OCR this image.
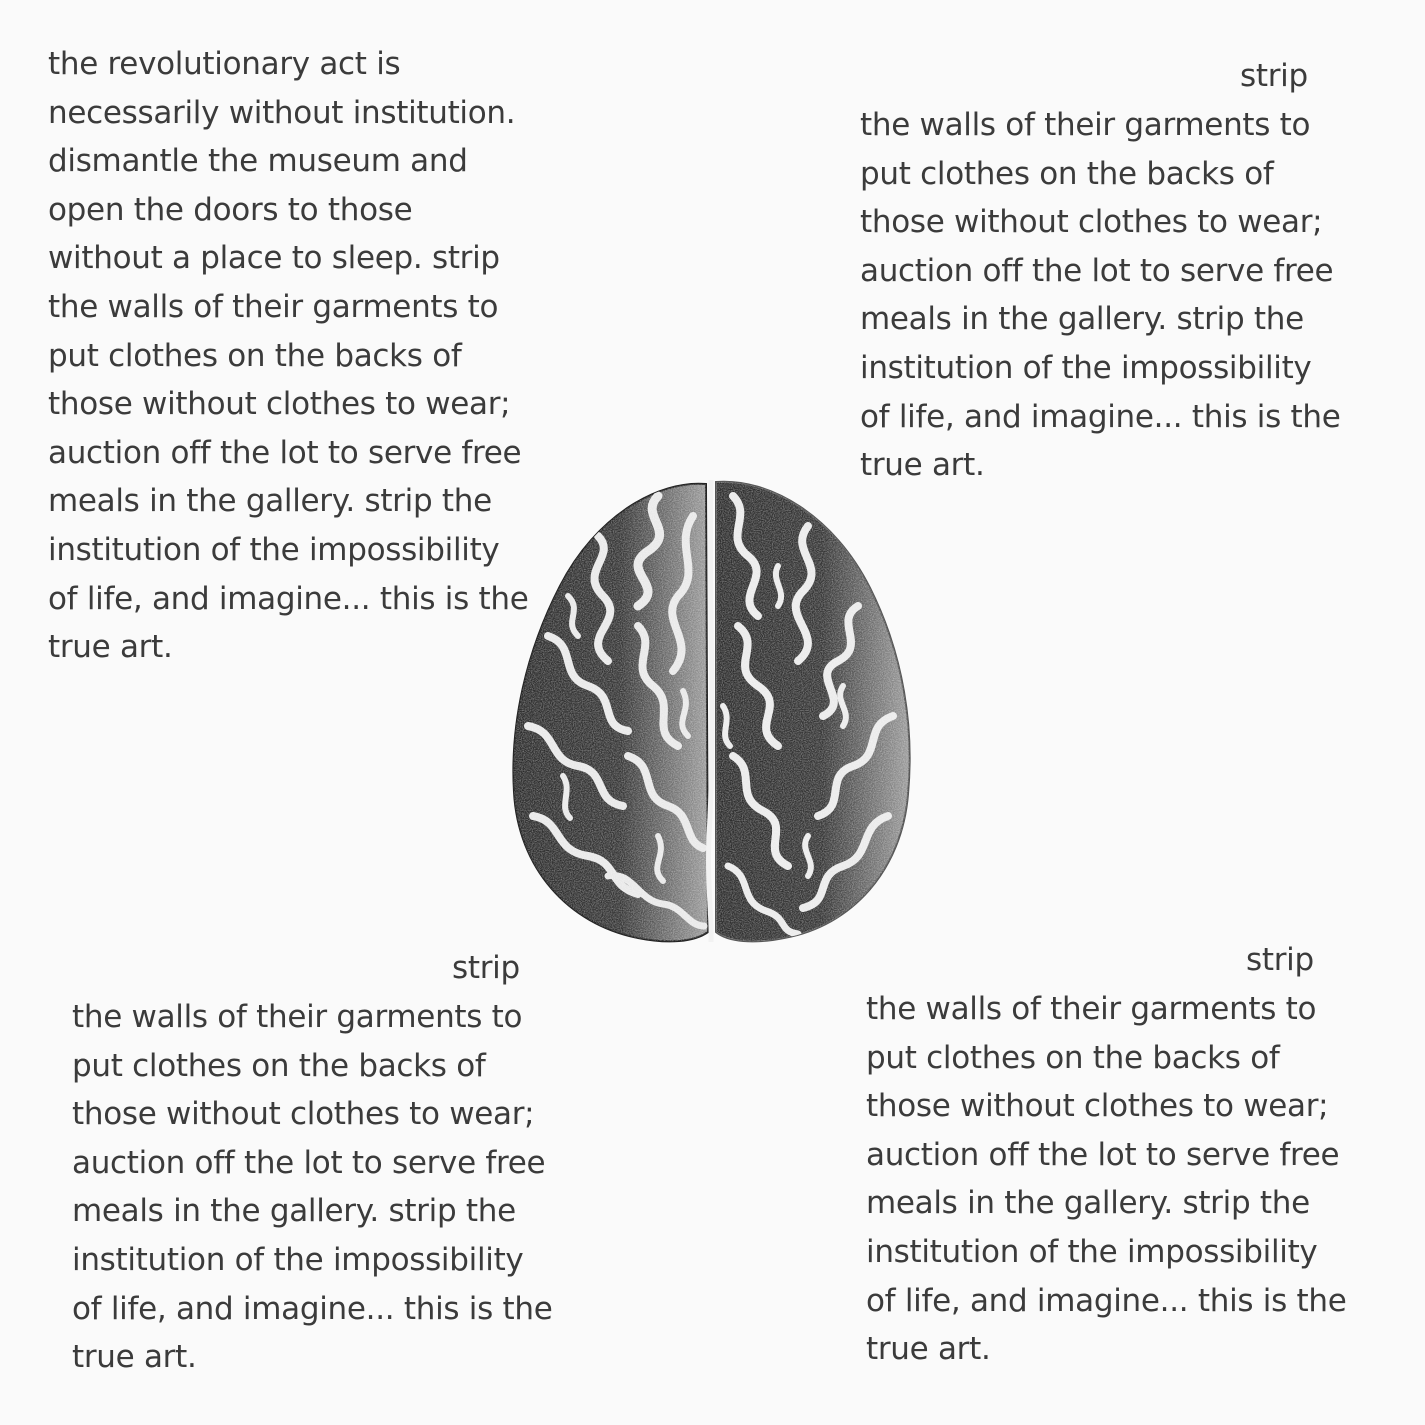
the revolutionary act is
necessarily without institution.
dismantle the museum and
open the doors to those
without a place to sleep. strip
the walls of their garments to
put clothes on the backs of
those without clothes to wear;
auction off the lot to serve free
meals in the gallery. strip the
institution of the impossibility
of life, and imagine... this is the
true art.

strip

the walls of their garments to
put clothes on the backs of
those without clothes to wear;
auction off the lot to serve free
meals in the gallery. strip the
institution of the impossibility
of life, and imagine... this is the
true art.

strip

the walls of their garments to
put clothes on the backs of
those without clothes to wear;
auction off the lot to serve free
meals in the gallery. strip the
institution of the impossibility
of life, and imagine... this is the
true art.

strip

the walls of their garments to
put clothes on the backs of
those without clothes to wear;
auction off the lot to serve free
meals in the gallery. strip the
institution of the impossibility
of life, and imagine... this is the
true art.
